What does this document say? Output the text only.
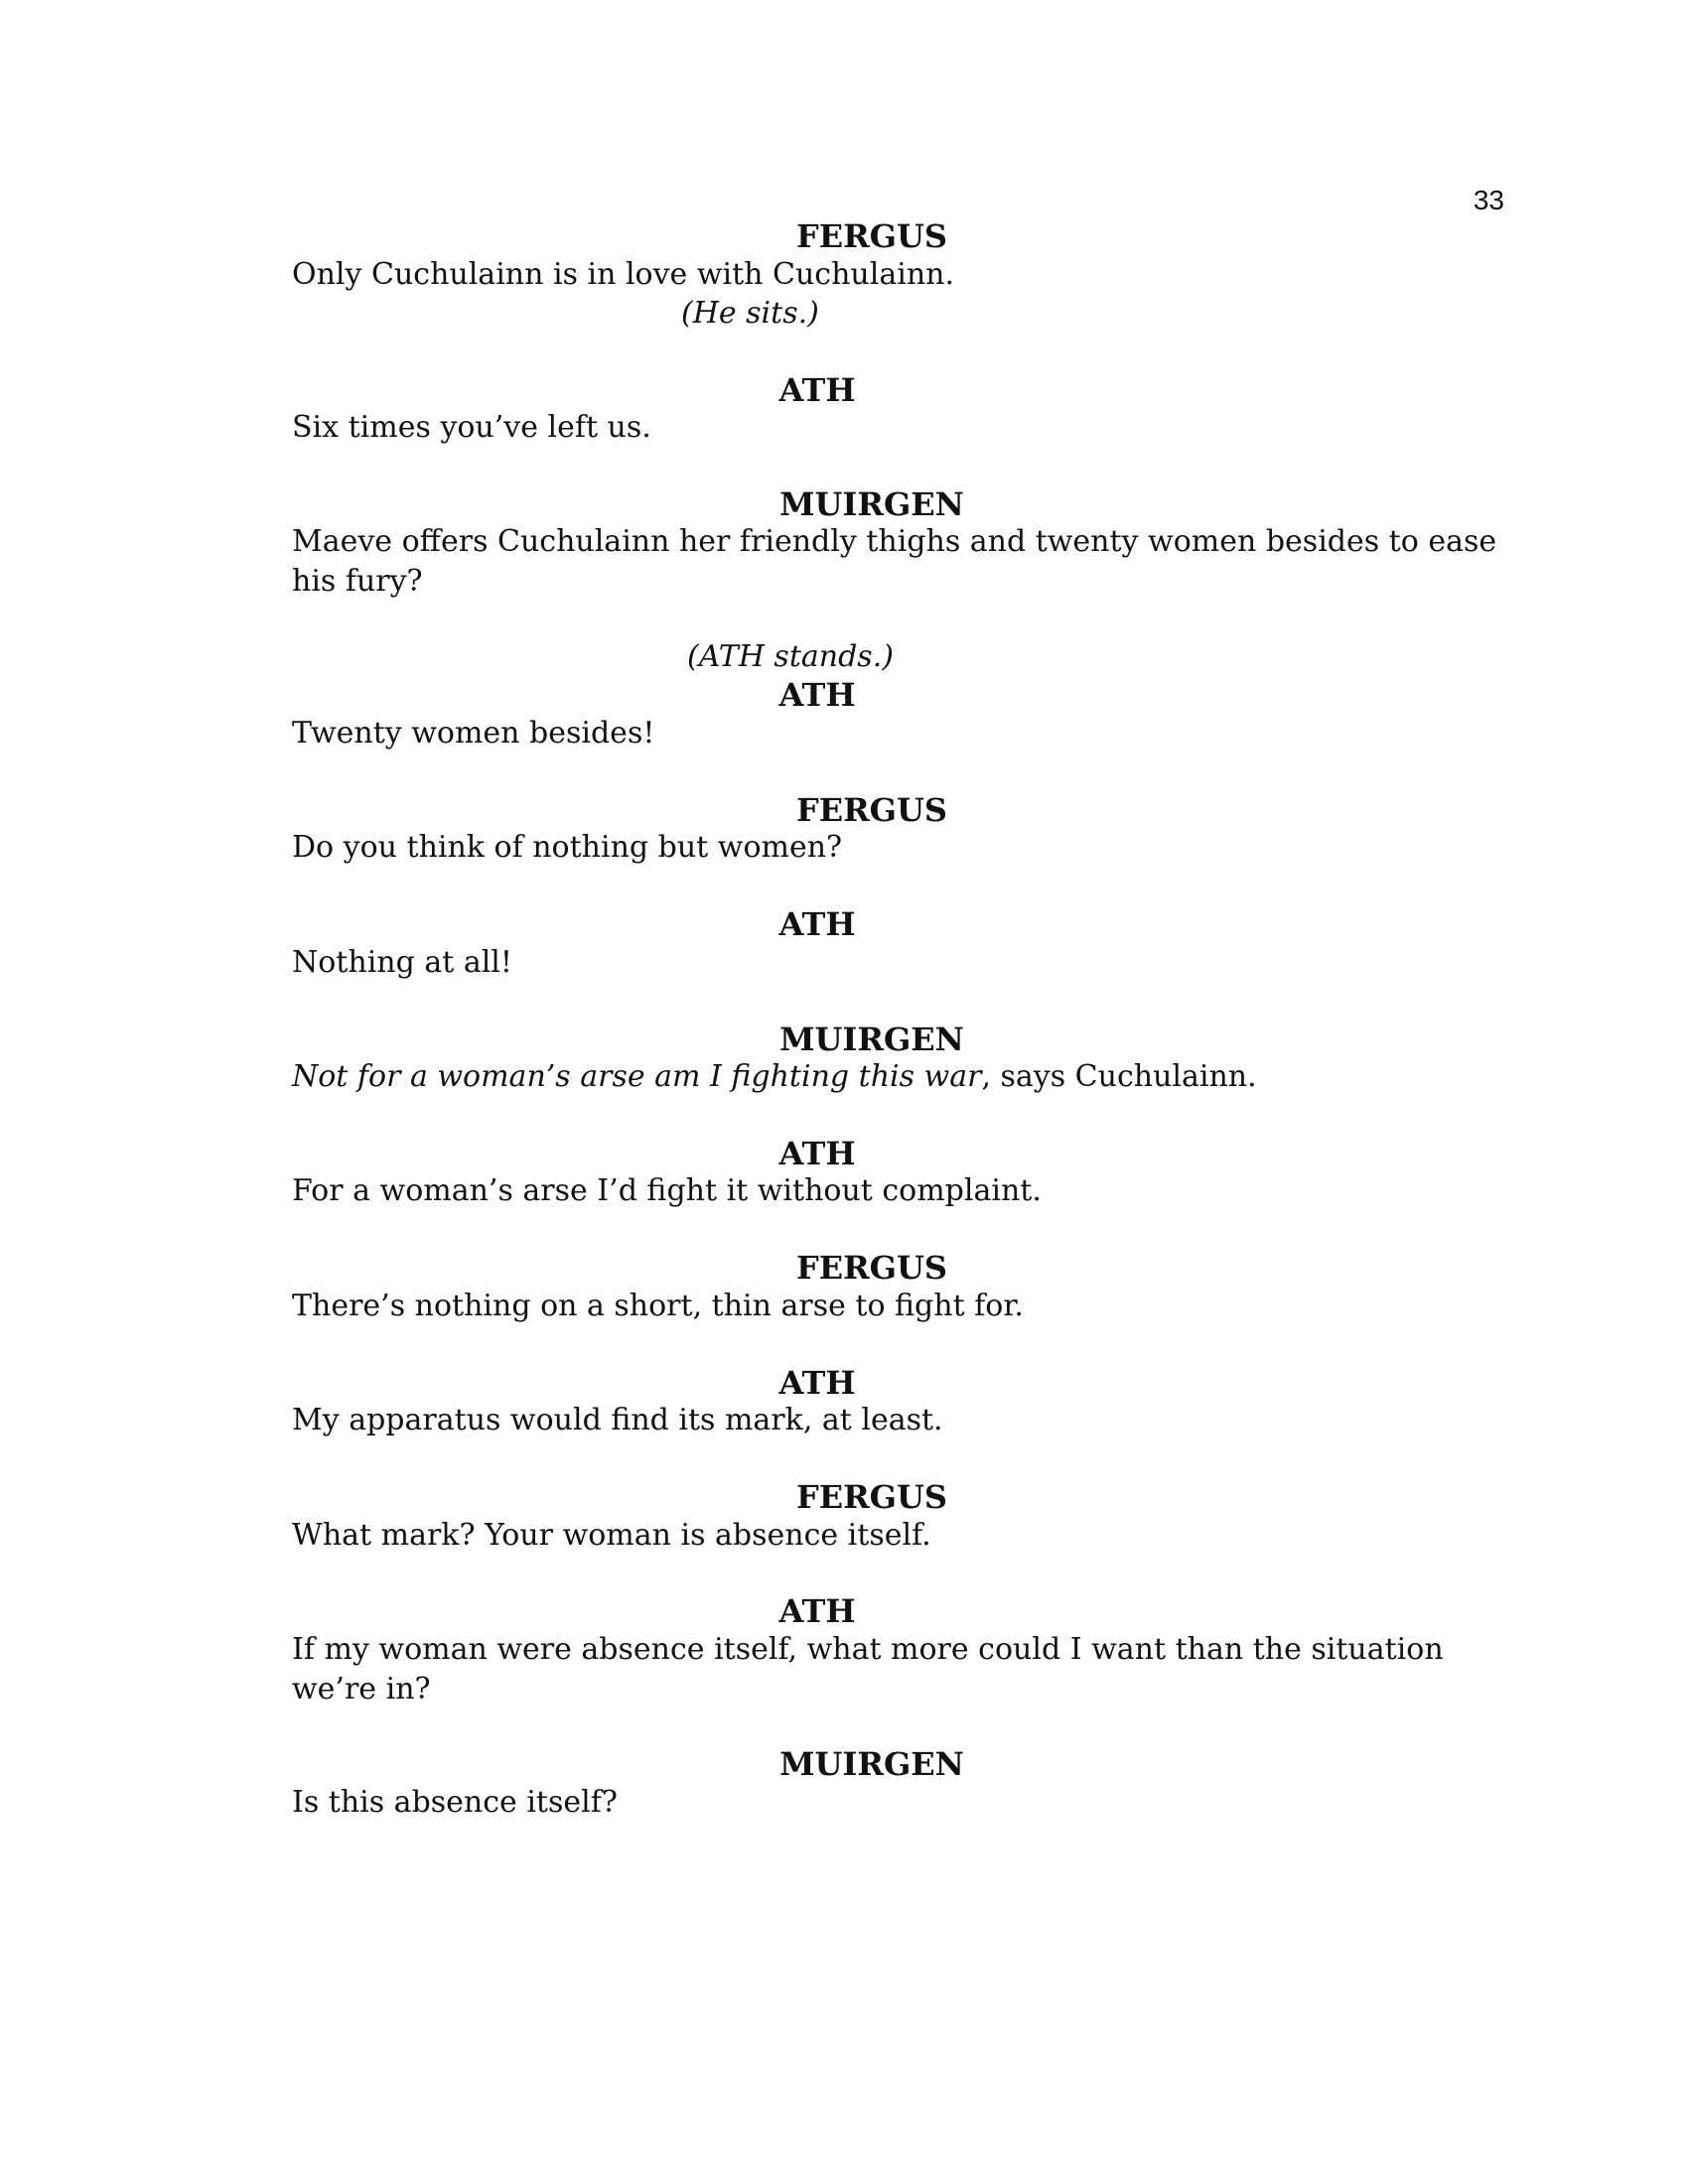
33
FERGUS
Only Cuchulainn is in love with Cuchulainn.
(He sits.)
ATH
Six times you’ve left us.
MUIRGEN
Maeve offers Cuchulainn her friendly thighs and twenty women besides to ease his fury?
(ATH stands.)
ATH
Twenty women besides!
FERGUS
Do you think of nothing but women?
ATH
Nothing at all!
MUIRGEN
Not for a woman’s arse am I fighting this war, says Cuchulainn.
ATH
For a woman’s arse I’d fight it without complaint.
FERGUS
There’s nothing on a short, thin arse to fight for.
ATH
My apparatus would find its mark, at least.
FERGUS
What mark? Your woman is absence itself.
ATH
If my woman were absence itself, what more could I want than the situation we’re in?
MUIRGEN
Is this absence itself?
